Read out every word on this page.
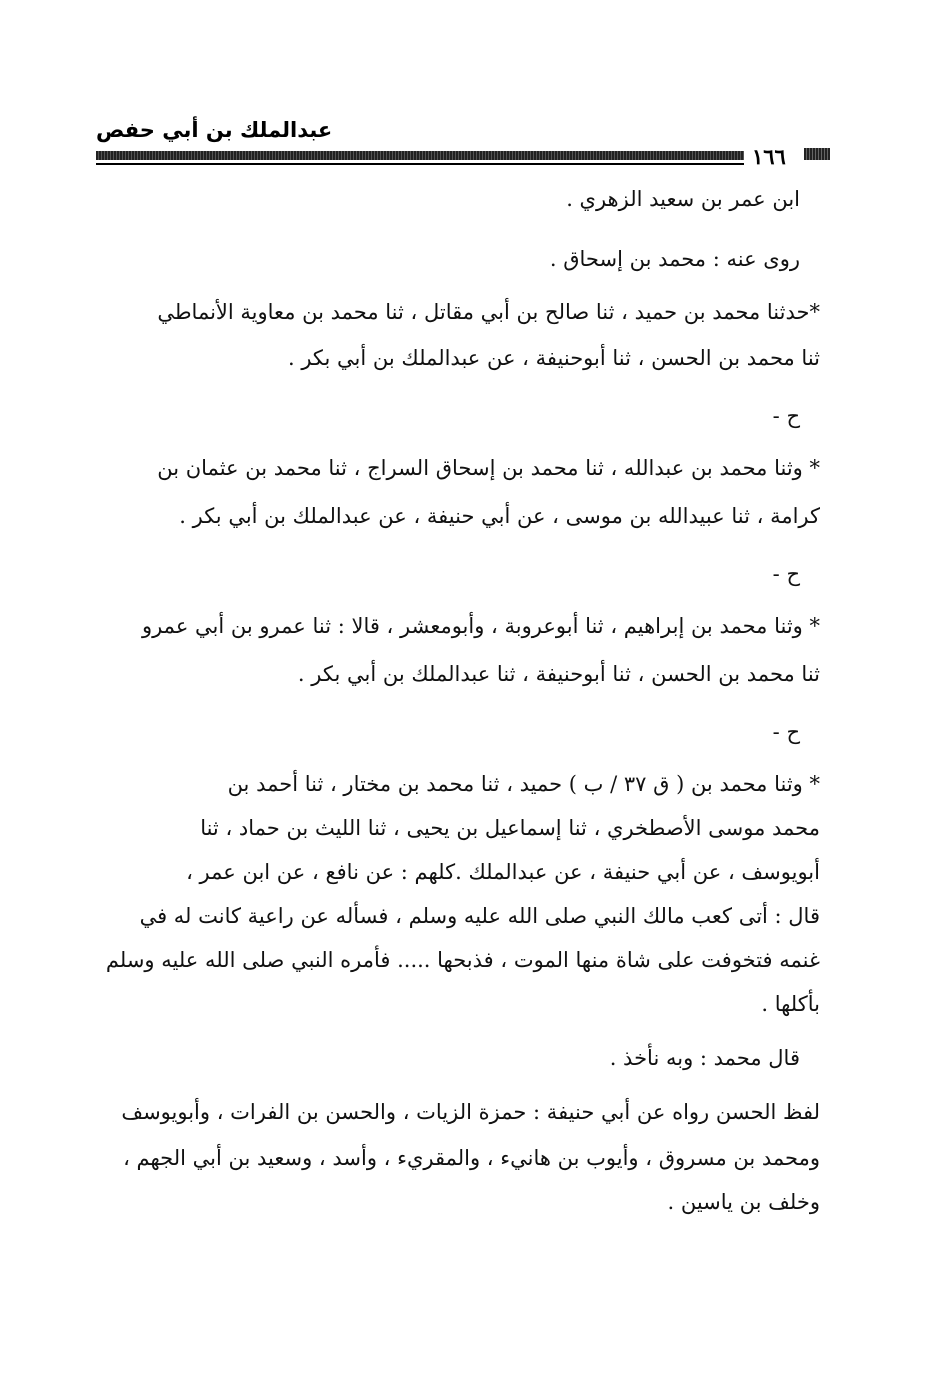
عبدالملك بن أبي حفص
١٦٦
ابن عمر بن سعيد الزهري .
روى عنه : محمد بن إسحاق .
*حدثنا محمد بن حميد ، ثنا صالح بن أبي مقاتل ، ثنا محمد بن معاوية الأنماطي
ثنا محمد بن الحسن ، ثنا أبوحنيفة ، عن عبدالملك بن أبي بكر .
ح -
* وثنا محمد بن عبدالله ، ثنا محمد بن إسحاق السراج ، ثنا محمد بن عثمان بن
كرامة ، ثنا عبيدالله بن موسى ، عن أبي حنيفة ، عن عبدالملك بن أبي بكر .
ح -
* وثنا محمد بن إبراهيم ، ثنا أبوعروبة ، وأبومعشر ، قالا : ثنا عمرو بن أبي عمرو
ثنا محمد بن الحسن ، ثنا أبوحنيفة ، ثنا عبدالملك بن أبي بكر .
ح -
* وثنا محمد بن ( ق ٣٧ / ب ) حميد ، ثنا محمد بن مختار ، ثنا أحمد بن
محمد موسى الأصطخري ، ثنا إسماعيل بن يحيى ، ثنا الليث بن حماد ، ثنا
أبويوسف ، عن أبي حنيفة ، عن عبدالملك .كلهم : عن نافع ، عن ابن عمر ،
قال : أتى كعب مالك النبي صلى الله عليه وسلم ، فسأله عن راعية كانت له في
غنمه فتخوفت على شاة منها الموت ، فذبحها ..... فأمره النبي صلى الله عليه وسلم
بأكلها .
قال محمد : وبه نأخذ .
لفظ الحسن رواه عن أبي حنيفة : حمزة الزيات ، والحسن بن الفرات ، وأبويوسف
ومحمد بن مسروق ، وأيوب بن هانيء ، والمقريء ، وأسد ، وسعيد بن أبي الجهم ،
وخلف بن ياسين .
